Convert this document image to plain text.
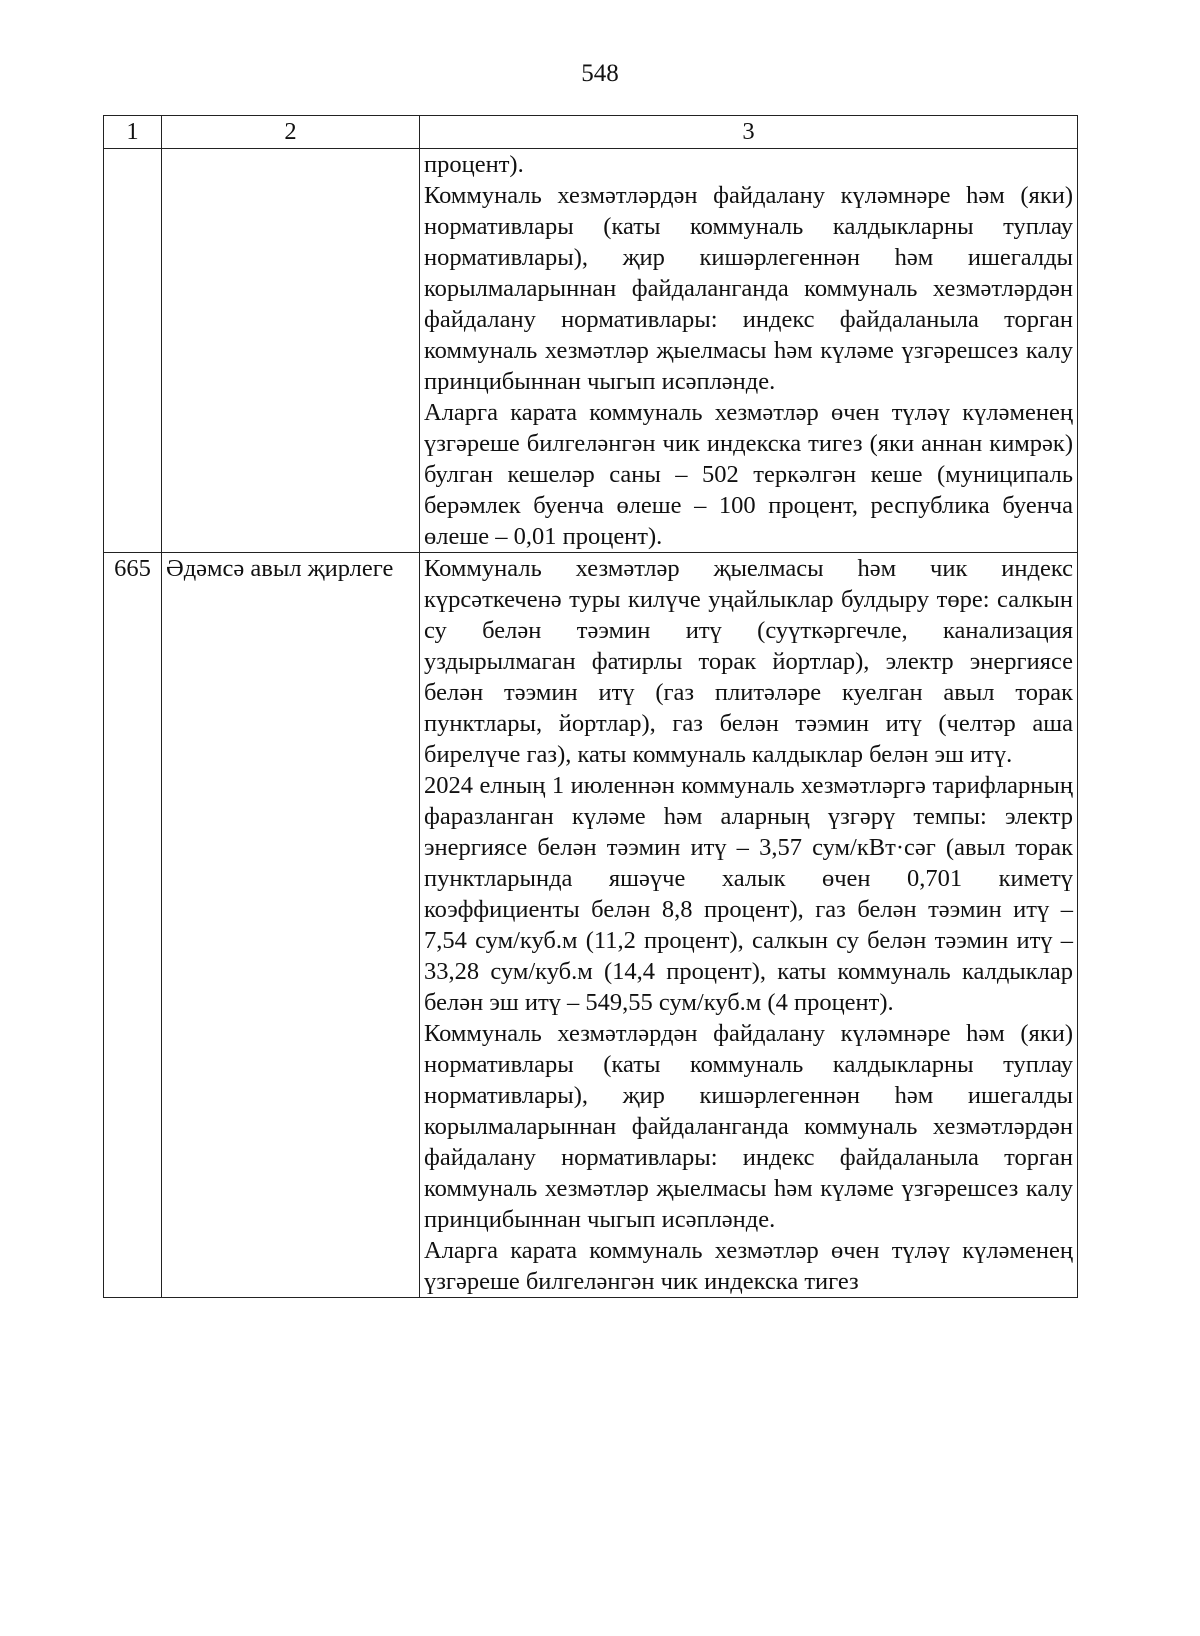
548
1	2	3

		процент).

Коммуналь хезмәтләрдән файдалану күләмнәре һәм (яки) нормативлары (каты коммуналь калдыкларны туплау нормативлары), җир кишәрлегеннән һәм ишегалды корылмаларыннан файдаланганда коммуналь хезмәтләрдән файдалану нормативлары: индекс файдаланыла торган коммуналь хезмәтләр җыелмасы һәм күләме үзгәрешсез калу принцибыннан чыгып исәпләнде.

Аларга карата коммуналь хезмәтләр өчен түләү күләменең үзгәреше билгеләнгән чик индекска тигез (яки аннан кимрәк) булган кешеләр саны – 502 теркәлгән кеше (муниципаль берәмлек буенча өлеше – 100 процент, республика буенча өлеше – 0,01 процент).

665	Әдәмсә авыл җирлеге	Коммуналь хезмәтләр җыелмасы һәм чик индекс күрсәткеченә туры килүче уңайлыклар булдыру төре: салкын су белән тәэмин итү (суүткәргечле, канализация уздырылмаган фатирлы торак йортлар), электр энергиясе белән тәэмин итү (газ плитәләре куелган авыл торак пунктлары, йортлар), газ белән тәэмин итү (челтәр аша бирелүче газ), каты коммуналь калдыклар белән эш итү.

2024 елның 1 июленнән коммуналь хезмәтләргә тарифларның фаразланган күләме һәм аларның үзгәрү темпы: электр энергиясе белән тәэмин итү – 3,57 сум/кВт·сәг (авыл торак пунктларында яшәүче халык өчен 0,701 киметү коэффициенты белән 8,8 процент), газ белән тәэмин итү – 7,54 сум/куб.м (11,2 процент), салкын су белән тәэмин итү – 33,28 сум/куб.м (14,4 процент), каты коммуналь калдыклар белән эш итү – 549,55 сум/куб.м (4 процент).

Коммуналь хезмәтләрдән файдалану күләмнәре һәм (яки) нормативлары (каты коммуналь калдыкларны туплау нормативлары), җир кишәрлегеннән һәм ишегалды корылмаларыннан файдаланганда коммуналь хезмәтләрдән файдалану нормативлары: индекс файдаланыла торган коммуналь хезмәтләр җыелмасы һәм күләме үзгәрешсез калу принцибыннан чыгып исәпләнде.

Аларга карата коммуналь хезмәтләр өчен түләү күләменең үзгәреше билгеләнгән чик индекска тигез
